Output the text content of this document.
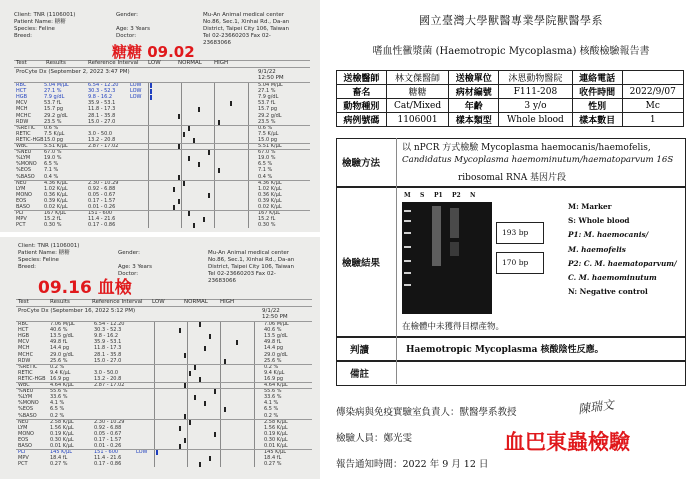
Client: TNR (1106001)
Patient Name: 糖糖
Species: Feline
Breed:
Gender:
Age: 3 Years
Doctor:
Mu-An Animal medical center
No.86, Sec.1, Xinhai Rd., Da-an
District, Taipei City 106, Taiwan
Tel 02-23660203 Fax 02-
23683066
糖糖 09.02
Test	Results	Reference Interval LOW	NORMAL HIGH
ProCyte Dx (September 2, 2022 3:47 PM)	9/1/22
12:50 PM
RBC	5.04 M/µL	6.54 - 12.20 LOW	5.04 M/µL
HCT	27.1 %	30.3 - 52.3	LOW	27.1 %
HGB	7.9 g/dL	9.8 - 16.2	LOW	7.9 g/dL
MCV	53.7 fL	35.9 - 53.1	53.7 fL
MCH	15.7 pg	11.8 - 17.3	15.7 pg
MCHC	29.2 g/dL	28.1 - 35.8	29.2 g/dL
RDW	23.5 %	15.0 - 27.0	23.5 %
%RETIC 0.6 %	0.6 %
RETIC	7.5 K/µL	3.0 - 50.0	7.5 K/µL
RETIC-HGB 15.0 pg	13.2 - 20.8	15.0 pg
WBC	5.51 K/µL	2.87 - 17.02	5.51 K/µL
%NEU	67.0 %	67.0 %
%LYM	19.0 %	19.0 %
%MONO 6.5 %	6.5 %
%EOS	7.1 %	7.1 %
%BASO 0.4 %	0.4 %
NEU	4.36 K/µL	2.30 - 10.29	4.36 K/µL
LYM	1.02 K/µL	0.92 - 6.88	1.02 K/µL
MONO 0.36 K/µL	0.05 - 0.67	0.36 K/µL
EOS	0.39 K/µL	0.17 - 1.57	0.39 K/µL
BASO	0.02 K/µL	0.01 - 0.26	0.02 K/µL
PLT	167 K/µL	151 - 600	167 K/µL
MPV	15.2 fL	11.4 - 21.6	15.2 fL
PCT	0.30 %	0.17 - 0.86	0.30 %
Client: TNR (1106001)
Patient Name: 糖糖
Species: Feline
Breed:
Gender:
Age: 3 Years
Doctor:
Mu-An Animal medical center
No.86, Sec.1, Xinhai Rd., Da-an
District, Taipei City 106, Taiwan
Tel 02-23660203 Fax 02-
23683066
09.16 血檢
Test	Results	Reference Interval LOW	NORMAL HIGH
ProCyte Dx (September 16, 2022 5:12 PM)	9/1/22
12:50 PM
RBC	7.06 M/µL	6.54 - 12.20	7.06 M/µL
HCT	40.6 %	30.3 - 52.3	40.6 %
HGB	13.5 g/dL	9.8 - 16.2	13.5 g/dL
MCV	49.8 fL	35.9 - 53.1	49.8 fL
MCH	14.4 pg	11.8 - 17.3	14.4 pg
MCHC	29.0 g/dL	28.1 - 35.8	29.0 g/dL
RDW	25.6 %	15.0 - 27.0	25.6 %
%RETIC	0.2 %	0.2 %
RETIC	9.4 K/µL	3.0 - 50.0	9.4 K/µL
RETIC-HGB 16.9 pg	13.2 - 20.8	16.9 pg
WBC	4.64 K/µL	2.87 - 17.02	4.64 K/µL
%NEU	55.6 %	55.6 %
%LYM	33.6 %	33.6 %
%MONO 4.1 %	4.1 %
%EOS	6.5 %	6.5 %
%BASO	0.2 %	0.2 %
NEU	2.58 K/µL	2.30 - 10.29	2.58 K/µL
LYM	1.56 K/µL	0.92 - 6.88	1.56 K/µL
MONO	0.19 K/µL	0.05 - 0.67	0.19 K/µL
EOS	0.30 K/µL	0.17 - 1.57	0.30 K/µL
BASO	0.01 K/µL	0.01 - 0.26	0.01 K/µL
PLT	145 K/µL	151 - 600	LOW	145 K/µL
MPV	18.4 fL	11.4 - 21.6	18.4 fL
PCT	0.27 %	0.17 - 0.86	0.27 %
國立臺灣大學獸醫專業學院獸醫學系
嗜血性黴漿菌 (Haemotropic Mycoplasma) 核酸檢驗報告書
送檢醫師	林文傑醫師	送檢單位	沐恩動物醫院	連絡電話	
畜名	糖糖	病材編號	F111-208	收件時間	2022/9/07
動物種別	Cat/Mixed	年齡	3 y/o	性別	Mc
病例號碼	1106001	樣本類型	Whole blood	樣本數目	1
檢驗方法
以 nPCR 方式檢驗 Mycoplasma haemocanis/haemofelis,
Candidatus Mycoplasma haemominutum/haematoparvum 16S
ribosomal RNA 基因片段
檢驗結果
M S P1 P2 N
193 bp
170 bp
M: Marker
S: Whole blood
P1: M. haemocanis/
M. haemofelis
P2: C. M. haematoparvum/
C. M. haemominutum
N: Negative control
在檢體中未獲得目標產物。
判讀	Haemotropic Mycoplasma 核酸陰性反應。
備註
傳染病與免疫實驗室負責人：獸醫學系教授	陳瑞文
檢驗人員：鄭光雯
報告通知時間：2022 年 9 月 12 日
血巴東蟲檢驗
